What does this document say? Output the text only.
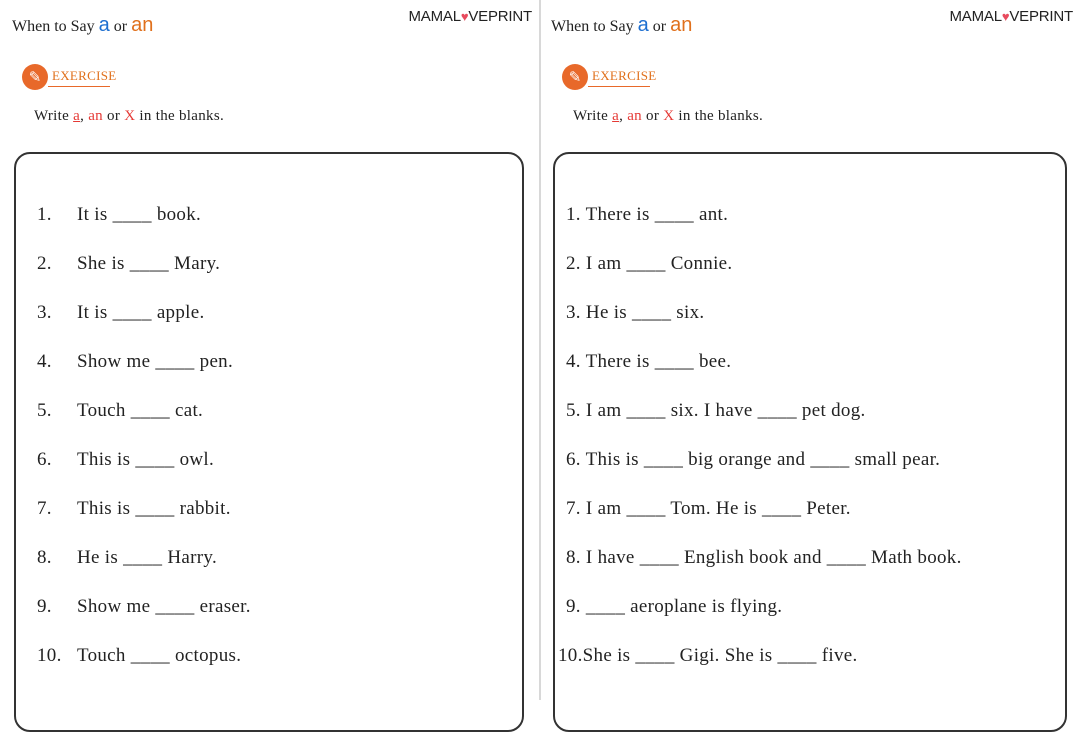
When to Say a or an	MAMAL♥VEPRINT
✎ EXERCISE
Write a, an or X in the blanks.
1. It is ____ book.
2. She is ____ Mary.
3. It is ____ apple.
4. Show me ____ pen.
5. Touch ____ cat.
6. This is ____ owl.
7. This is ____ rabbit.
8. He is ____ Harry.
9. Show me ____ eraser.
10. Touch ____ octopus.
When to Say a or an	MAMAL♥VEPRINT
✎ EXERCISE
Write a, an or X in the blanks.
1. There is ____ ant.
2. I am ____ Connie.
3. He is ____ six.
4. There is ____ bee.
5. I am ____ six. I have ____ pet dog.
6. This is ____ big orange and ____ small pear.
7. I am ____ Tom. He is ____ Peter.
8. I have ____ English book and ____ Math book.
9. ____ aeroplane is flying.
10.She is ____ Gigi. She is ____ five.
